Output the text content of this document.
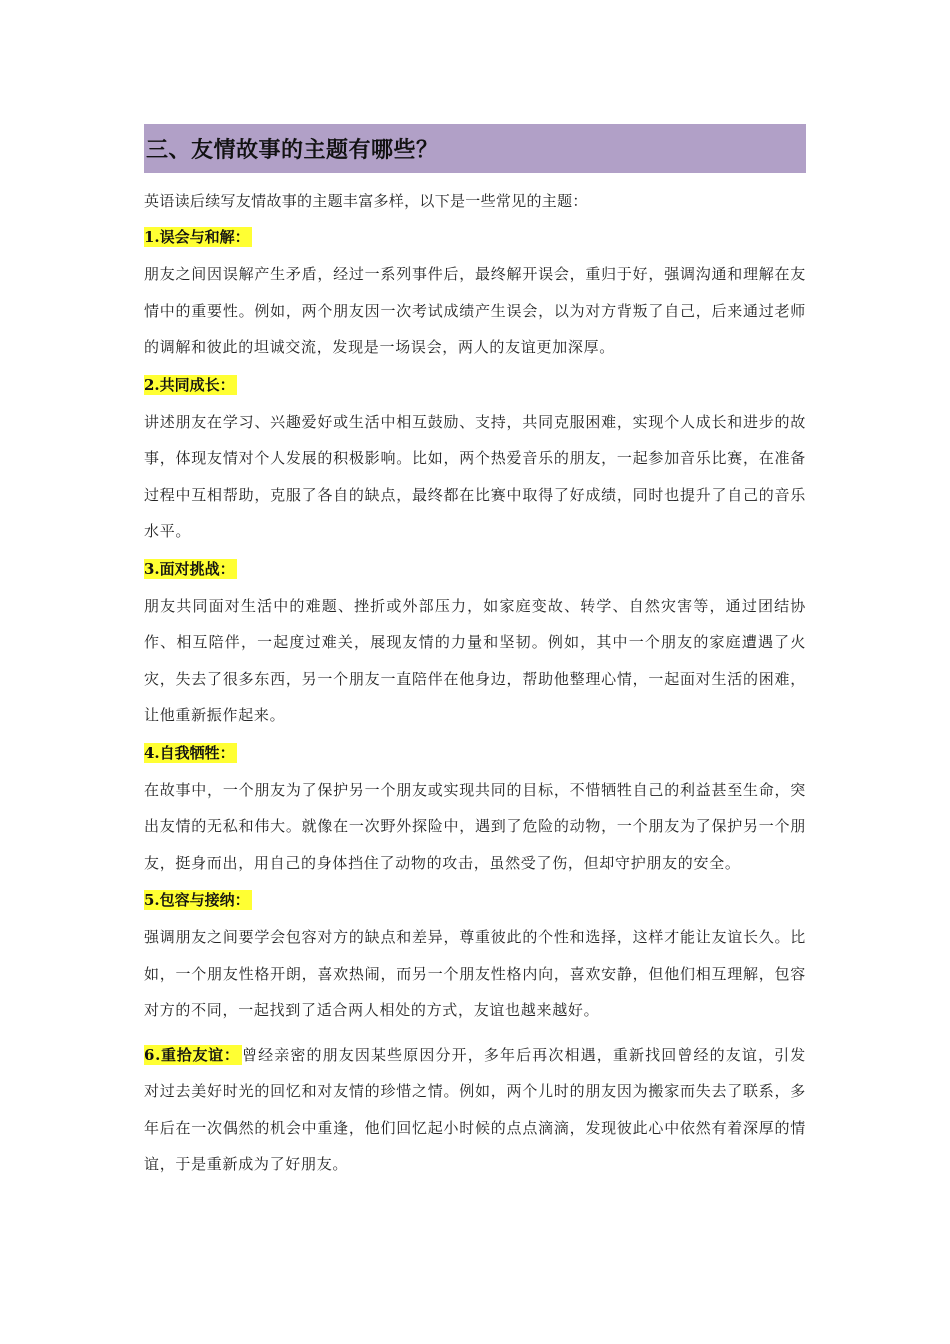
三、友情故事的主题有哪些？

英语读后续写友情故事的主题丰富多样，以下是一些常见的主题：

1.误会与和解：

朋友之间因误解产生矛盾，经过一系列事件后，最终解开误会，重归于好，强调沟通和理解在友情中的重要性。例如，两个朋友因一次考试成绩产生误会，以为对方背叛了自己，后来通过老师的调解和彼此的坦诚交流，发现是一场误会，两人的友谊更加深厚。

2.共同成长：

讲述朋友在学习、兴趣爱好或生活中相互鼓励、支持，共同克服困难，实现个人成长和进步的故事，体现友情对个人发展的积极影响。比如，两个热爱音乐的朋友，一起参加音乐比赛，在准备过程中互相帮助，克服了各自的缺点，最终都在比赛中取得了好成绩，同时也提升了自己的音乐水平。

3.面对挑战：

朋友共同面对生活中的难题、挫折或外部压力，如家庭变故、转学、自然灾害等，通过团结协作、相互陪伴，一起度过难关，展现友情的力量和坚韧。例如，其中一个朋友的家庭遭遇了火灾，失去了很多东西，另一个朋友一直陪伴在他身边，帮助他整理心情，一起面对生活的困难，让他重新振作起来。

4.自我牺牲：

在故事中，一个朋友为了保护另一个朋友或实现共同的目标，不惜牺牲自己的利益甚至生命，突出友情的无私和伟大。就像在一次野外探险中，遇到了危险的动物，一个朋友为了保护另一个朋友，挺身而出，用自己的身体挡住了动物的攻击，虽然受了伤，但却守护朋友的安全。

5.包容与接纳：

强调朋友之间要学会包容对方的缺点和差异，尊重彼此的个性和选择，这样才能让友谊长久。比如，一个朋友性格开朗，喜欢热闹，而另一个朋友性格内向，喜欢安静，但他们相互理解，包容对方的不同，一起找到了适合两人相处的方式，友谊也越来越好。

6.重拾友谊： 曾经亲密的朋友因某些原因分开，多年后再次相遇，重新找回曾经的友谊，引发对过去美好时光的回忆和对友情的珍惜之情。例如，两个儿时的朋友因为搬家而失去了联系，多年后在一次偶然的机会中重逢，他们回忆起小时候的点点滴滴，发现彼此心中依然有着深厚的情谊，于是重新成为了好朋友。
